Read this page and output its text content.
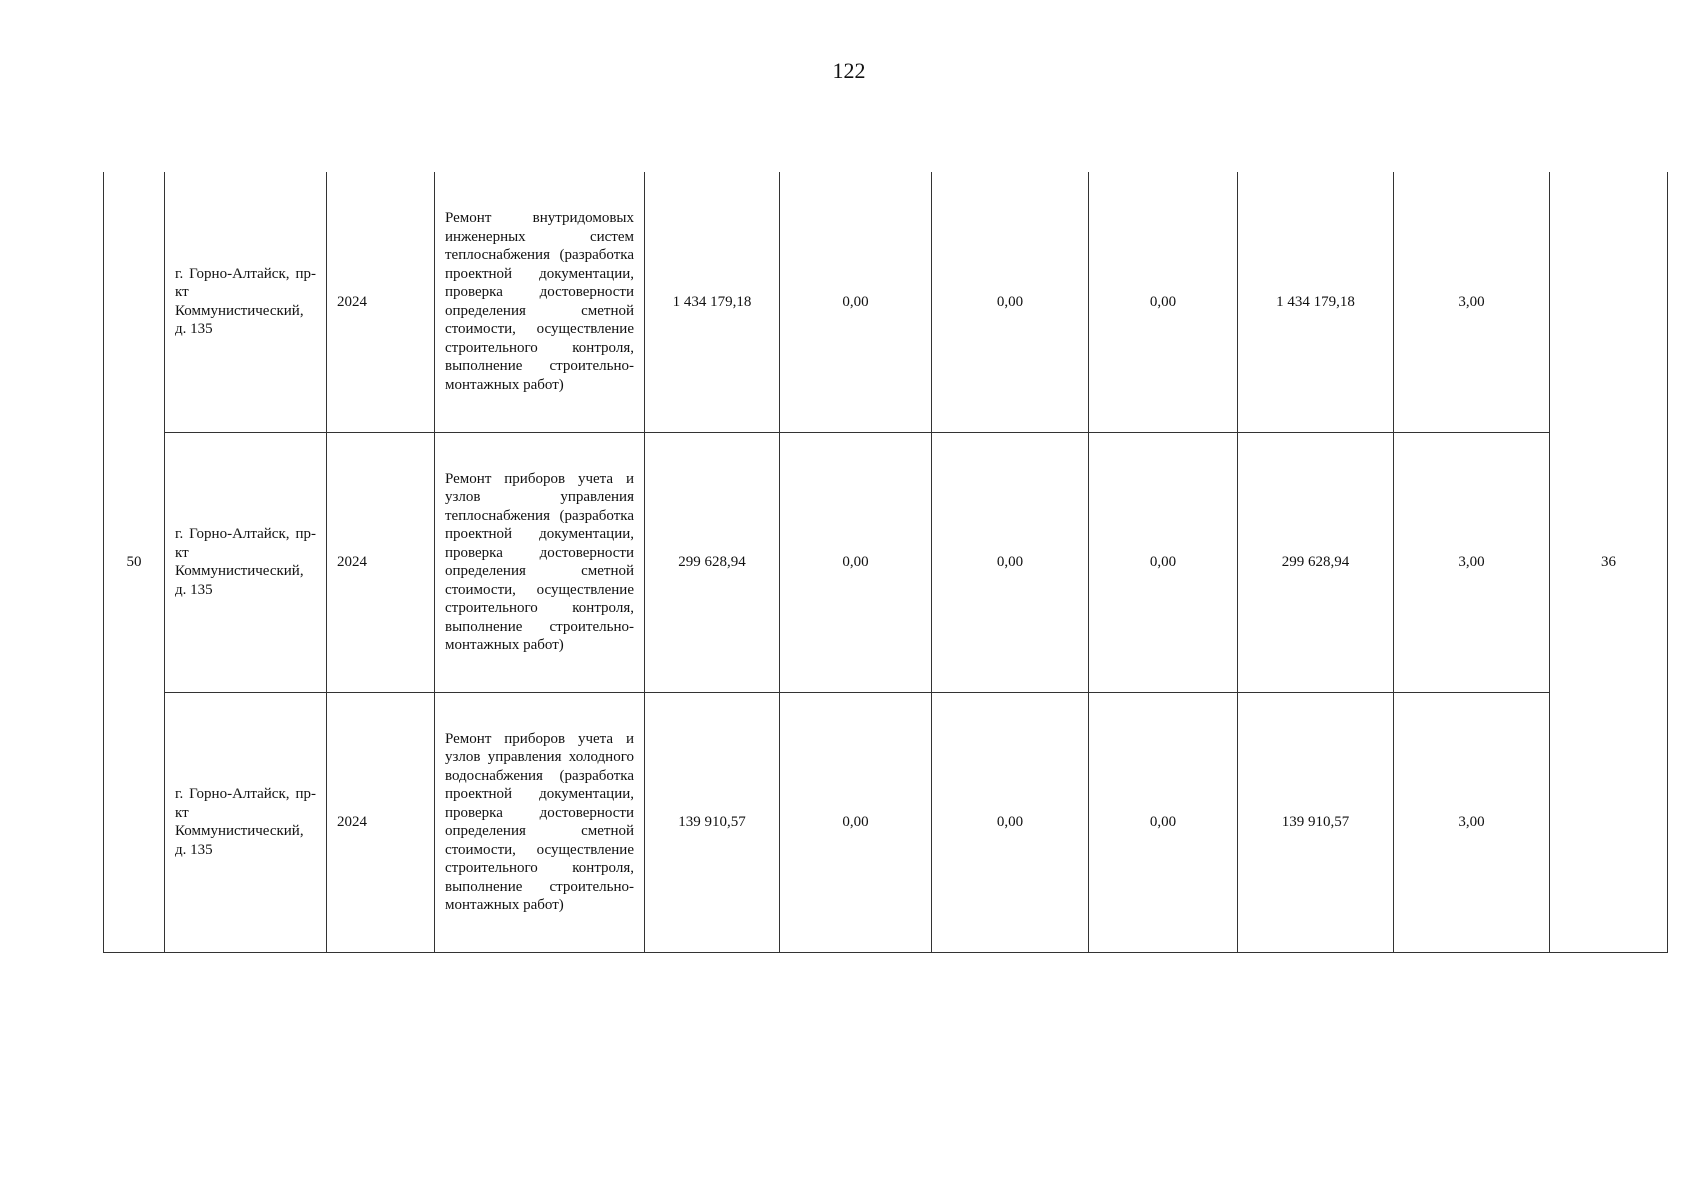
122
50	г. Горно-Алтайск, пр-кт Коммунистический, д. 135	2024	Ремонт внутридомовых инженерных систем теплоснабжения (разработка проектной документации, проверка достоверности определения сметной стоимости, осуществление строительного контроля, выполнение строительно-монтажных работ)	1 434 179,18	0,00	0,00	0,00	1 434 179,18	3,00	36
	г. Горно-Алтайск, пр-кт Коммунистический, д. 135	2024	Ремонт приборов учета и узлов управления теплоснабжения (разработка проектной документации, проверка достоверности определения сметной стоимости, осуществление строительного контроля, выполнение строительно-монтажных работ)	299 628,94	0,00	0,00	0,00	299 628,94	3,00	
	г. Горно-Алтайск, пр-кт Коммунистический, д. 135	2024	Ремонт приборов учета и узлов управления холодного водоснабжения (разработка проектной документации, проверка достоверности определения сметной стоимости, осуществление строительного контроля, выполнение строительно-монтажных работ)	139 910,57	0,00	0,00	0,00	139 910,57	3,00	
